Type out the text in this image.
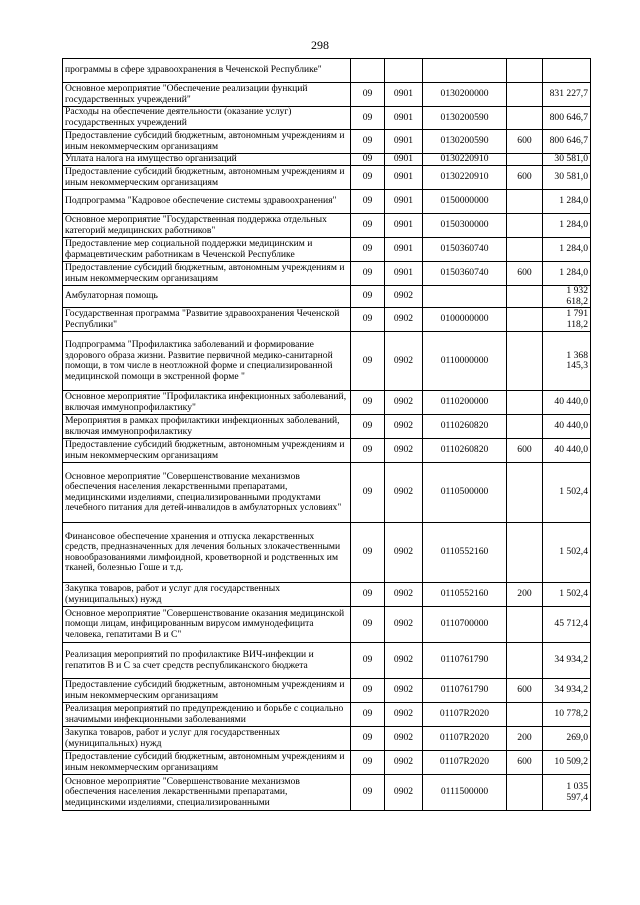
298
программы в сфере здравоохранения в Чеченской Республике"					
Основное мероприятие "Обеспечение реализации функций государственных учреждений"	09	0901	0130200000		831 227,7
Расходы на обеспечение деятельности (оказание услуг) государственных учреждений	09	0901	0130200590		800 646,7
Предоставление субсидий бюджетным, автономным учреждениям и иным некоммерческим организациям	09	0901	0130200590	600	800 646,7
Уплата налога на имущество организаций	09	0901	0130220910		30 581,0
Предоставление субсидий бюджетным, автономным учреждениям и иным некоммерческим организациям	09	0901	0130220910	600	30 581,0
Подпрограмма "Кадровое обеспечение системы здравоохранения"	09	0901	0150000000		1 284,0
Основное мероприятие "Государственная поддержка отдельных категорий медицинских работников"	09	0901	0150300000		1 284,0
Предоставление мер социальной поддержки медицинским и фармацевтическим работникам в Чеченской Республике	09	0901	0150360740		1 284,0
Предоставление субсидий бюджетным, автономным учреждениям и иным некоммерческим организациям	09	0901	0150360740	600	1 284,0
Амбулаторная помощь	09	0902			1 932 618,2
Государственная программа "Развитие здравоохранения Чеченской Республики"	09	0902	0100000000		1 791 118,2
Подпрограмма "Профилактика заболеваний и формирование здорового образа жизни. Развитие первичной медико-санитарной помощи, в том числе в неотложной форме и специализированной медицинской помощи в экстренной форме "	09	0902	0110000000		1 368 145,3
Основное мероприятие "Профилактика инфекционных заболеваний, включая иммунопрофилактику"	09	0902	0110200000		40 440,0
Мероприятия в рамках профилактики инфекционных заболеваний, включая иммунопрофилактику	09	0902	0110260820		40 440,0
Предоставление субсидий бюджетным, автономным учреждениям и иным некоммерческим организациям	09	0902	0110260820	600	40 440,0
Основное мероприятие "Совершенствование механизмов обеспечения населения лекарственными препаратами, медицинскими изделиями, специализированными продуктами лечебного питания для детей-инвалидов в амбулаторных условиях"	09	0902	0110500000		1 502,4
Финансовое обеспечение хранения и отпуска лекарственных средств, предназначенных для лечения больных злокачественными новообразованиями лимфоидной, кроветворной и родственных им тканей, болезнью Гоше и т.д.	09	0902	0110552160		1 502,4
Закупка товаров, работ и услуг для государственных (муниципальных) нужд	09	0902	0110552160	200	1 502,4
Основное мероприятие "Совершенствование оказания медицинской помощи лицам, инфицированным вирусом иммунодефицита человека, гепатитами В и С"	09	0902	0110700000		45 712,4
Реализация мероприятий по профилактике ВИЧ-инфекции и гепатитов В и С за счет средств республиканского бюджета	09	0902	0110761790		34 934,2
Предоставление субсидий бюджетным, автономным учреждениям и иным некоммерческим организациям	09	0902	0110761790	600	34 934,2
Реализация мероприятий по предупреждению и борьбе с социально значимыми инфекционными заболеваниями	09	0902	01107R2020		10 778,2
Закупка товаров, работ и услуг для государственных (муниципальных) нужд	09	0902	01107R2020	200	269,0
Предоставление субсидий бюджетным, автономным учреждениям и иным некоммерческим организациям	09	0902	01107R2020	600	10 509,2
Основное мероприятие "Совершенствование механизмов обеспечения населения лекарственными препаратами, медицинскими изделиями, специализированными	09	0902	0111500000		1 035 597,4
